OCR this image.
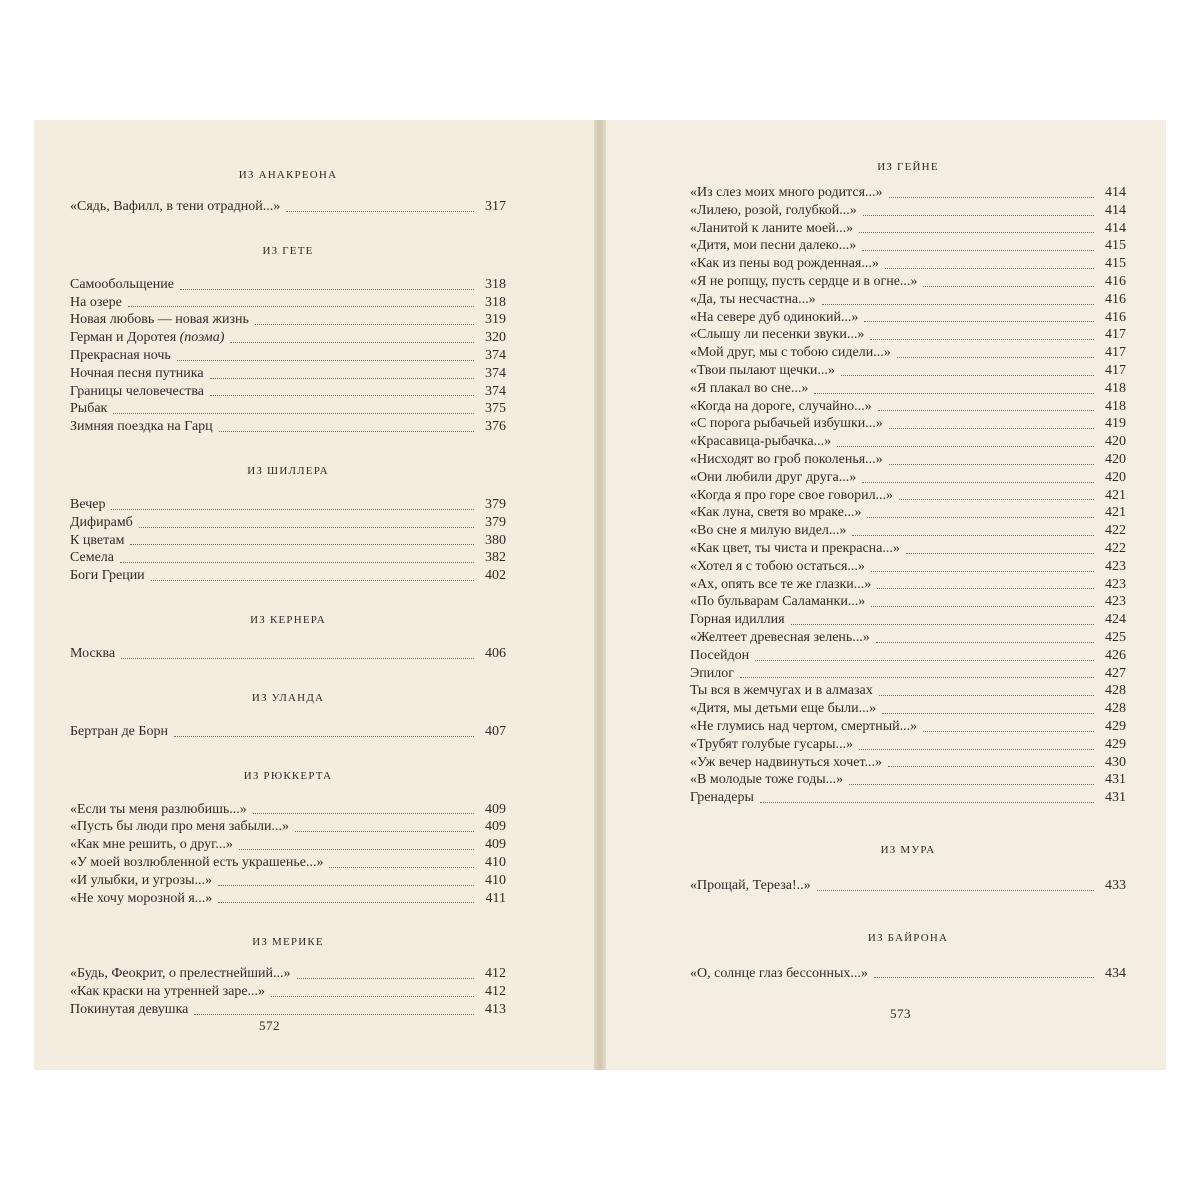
ИЗ АНАКРЕОНА
«Сядь, Вафилл, в тени отрадной...»	317
ИЗ ГЕТЕ
Самообольщение	318
На озере	318
Новая любовь — новая жизнь	319
Герман и Доротея (поэма)	320
Прекрасная ночь	374
Ночная песня путника	374
Границы человечества	374
Рыбак	375
Зимняя поездка на Гарц	376
ИЗ ШИЛЛЕРА
Вечер	379
Дифирамб	379
К цветам	380
Семела	382
Боги Греции	402
ИЗ КЕРНЕРА
Москва	406
ИЗ УЛАНДА
Бертран де Борн	407
ИЗ РЮККЕРТА
«Если ты меня разлюбишь...»	409
«Пусть бы люди про меня забыли...»	409
«Как мне решить, о друг...»	409
«У моей возлюбленной есть украшенье...»	410
«И улыбки, и угрозы...»	410
«Не хочу морозной я...»	411
ИЗ МЕРИКЕ
«Будь, Феокрит, о прелестнейший...»	412
«Как краски на утренней заре...»	412
Покинутая девушка	413
572
ИЗ ГЕЙНЕ
«Из слез моих много родится...»	414
«Лилею, розой, голубкой...»	414
«Ланитой к ланите моей...»	414
«Дитя, мои песни далеко...»	415
«Как из пены вод рожденная...»	415
«Я не ропщу, пусть сердце и в огне...»	416
«Да, ты несчастна...»	416
«На севере дуб одинокий...»	416
«Слышу ли песенки звуки...»	417
«Мой друг, мы с тобою сидели...»	417
«Твои пылают щечки...»	417
«Я плакал во сне...»	418
«Когда на дороге, случайно...»	418
«С порога рыбачьей избушки...»	419
«Красавица-рыбачка...»	420
«Нисходят во гроб поколенья...»	420
«Они любили друг друга...»	420
«Когда я про горе свое говорил...»	421
«Как луна, светя во мраке...»	421
«Во сне я милую видел...»	422
«Как цвет, ты чиста и прекрасна...»	422
«Хотел я с тобою остаться...»	423
«Ах, опять все те же глазки...»	423
«По бульварам Саламанки...»	423
Горная идиллия	424
«Желтеет древесная зелень...»	425
Посейдон	426
Эпилог	427
Ты вся в жемчугах и в алмазах	428
«Дитя, мы детьми еще были...»	428
«Не глумись над чертом, смертный...»	429
«Трубят голубые гусары...»	429
«Уж вечер надвинуться хочет...»	430
«В молодые тоже годы...»	431
Гренадеры	431
ИЗ МУРА
«Прощай, Тереза!..»	433
ИЗ БАЙРОНА
«О, солнце глаз бессонных...»	434
573
